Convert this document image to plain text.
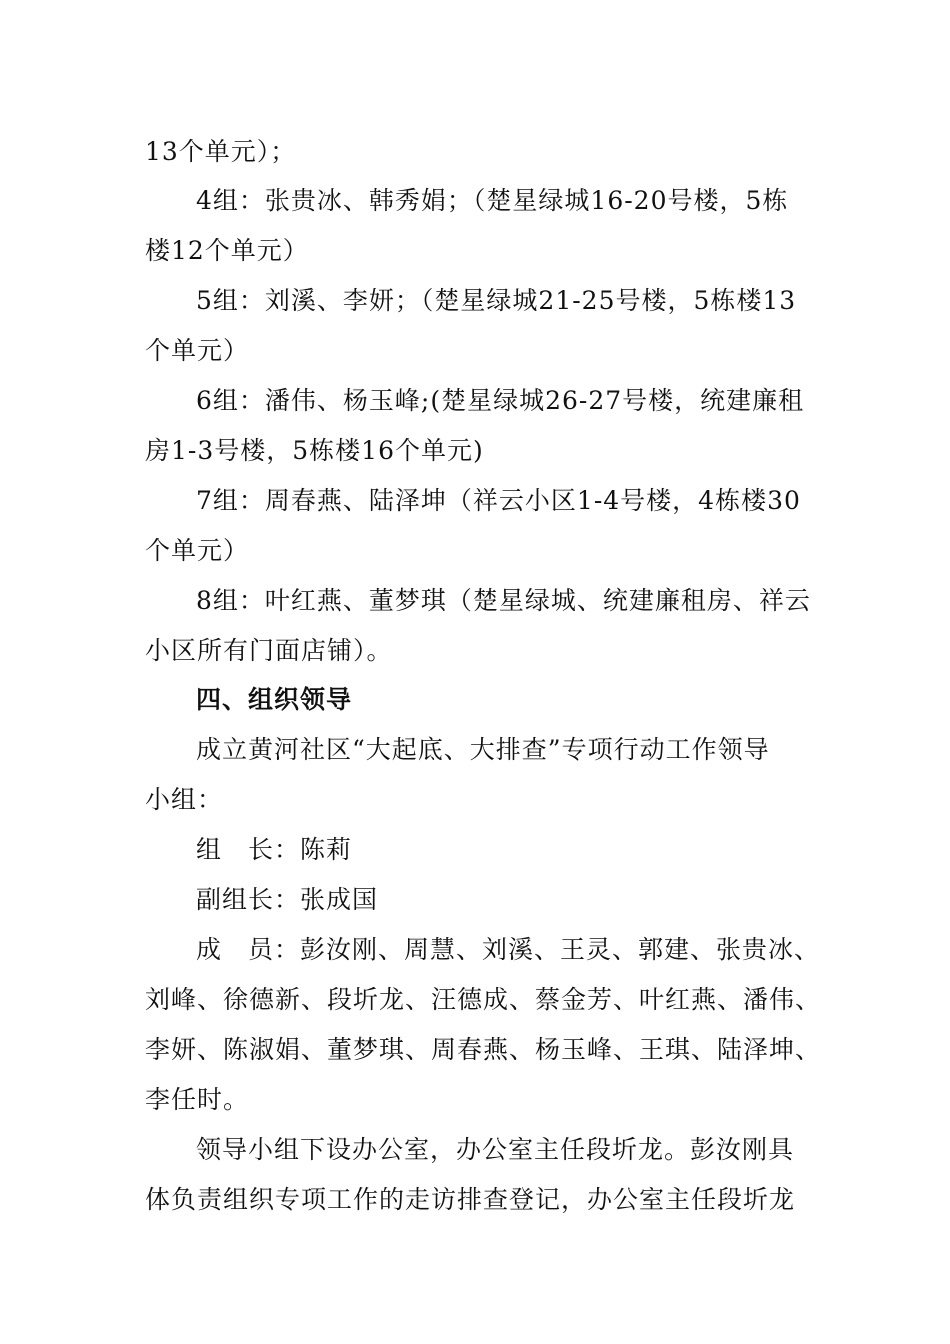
13个单元）；
4组：张贵冰、韩秀娟；（楚星绿城16-20号楼，5栋
楼12个单元）
5组：刘溪、李妍；（楚星绿城21-25号楼，5栋楼13
个单元）
6组：潘伟、杨玉峰;(楚星绿城26-27号楼，统建廉租
房1-3号楼，5栋楼16个单元)
7组：周春燕、陆泽坤（祥云小区1-4号楼，4栋楼30
个单元）
8组：叶红燕、董梦琪（楚星绿城、统建廉租房、祥云
小区所有门面店铺）。
四、组织领导
成立黄河社区“大起底、大排查”专项行动工作领导
小组：
组　长：陈莉
副组长：张成国
成　员：彭汝刚、周慧、刘溪、王灵、郭建、张贵冰、
刘峰、徐德新、段圻龙、汪德成、蔡金芳、叶红燕、潘伟、
李妍、陈淑娟、董梦琪、周春燕、杨玉峰、王琪、陆泽坤、
李任时。
领导小组下设办公室，办公室主任段圻龙。彭汝刚具
体负责组织专项工作的走访排查登记，办公室主任段圻龙
